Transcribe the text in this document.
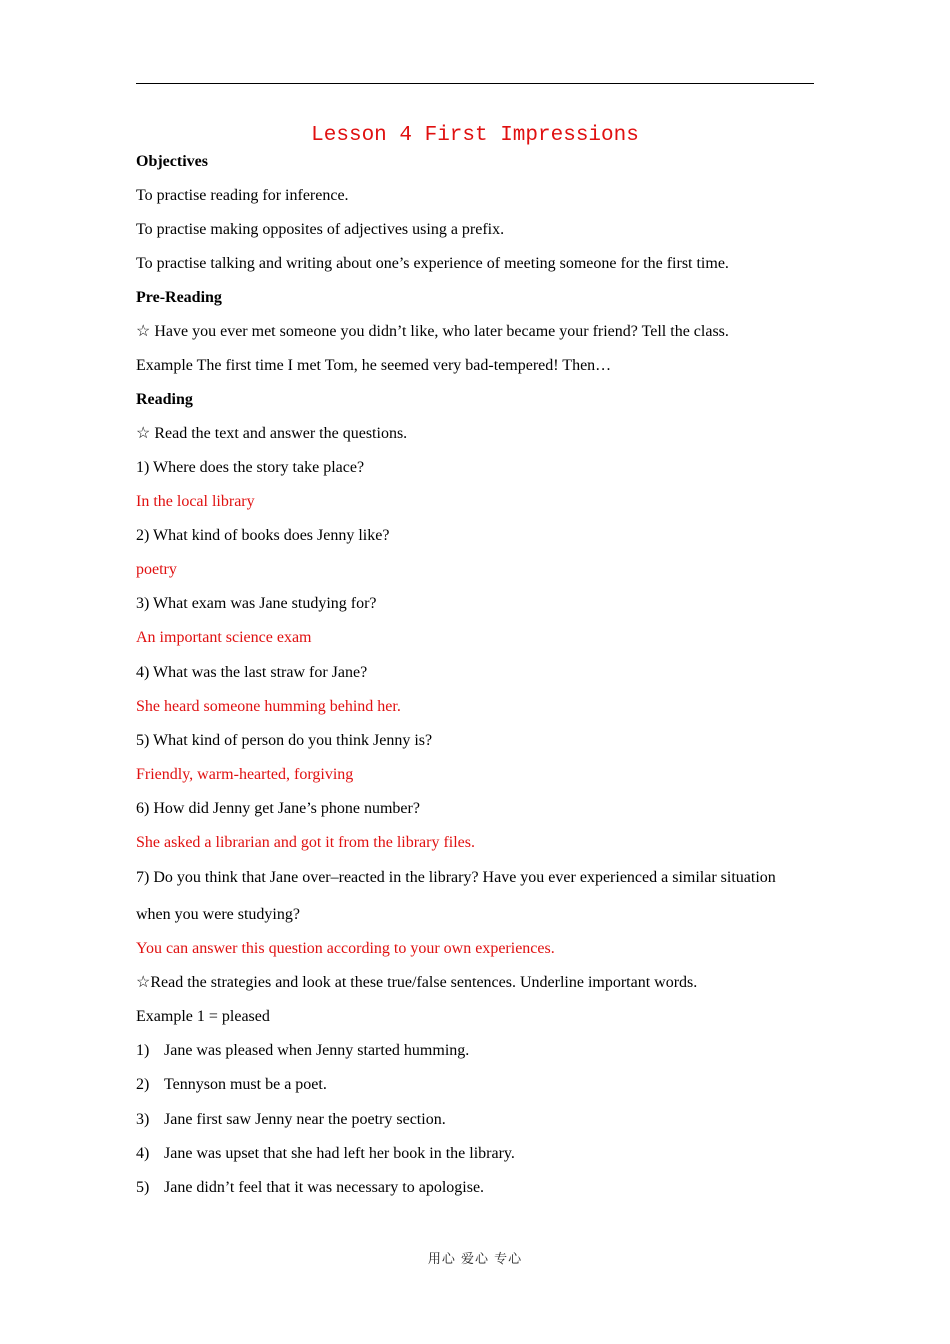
Lesson 4 First Impressions
Objectives
To practise reading for inference.
To practise making opposites of adjectives using a prefix.
To practise talking and writing about one’s experience of meeting someone for the first time.
Pre-Reading
☆ Have you ever met someone you didn’t like, who later became your friend? Tell the class.
Example The first time I met Tom, he seemed very bad-tempered! Then…
Reading
☆ Read the text and answer the questions.
1) Where does the story take place?
In the local library
2) What kind of books does Jenny like?
poetry
3) What exam was Jane studying for?
An important science exam
4) What was the last straw for Jane?
She heard someone humming behind her.
5) What kind of person do you think Jenny is?
Friendly, warm-hearted, forgiving
6) How did Jenny get Jane’s phone number?
She asked a librarian and got it from the library files.
7) Do you think that Jane over–reacted in the library? Have you ever experienced a similar situation
when you were studying?
You can answer this question according to your own experiences.
☆Read the strategies and look at these true/false sentences. Underline important words.
Example 1 = pleased
1) Jane was pleased when Jenny started humming.
2) Tennyson must be a poet.
3) Jane first saw Jenny near the poetry section.
4) Jane was upset that she had left her book in the library.
5) Jane didn’t feel that it was necessary to apologise.
用心 爱心 专心
